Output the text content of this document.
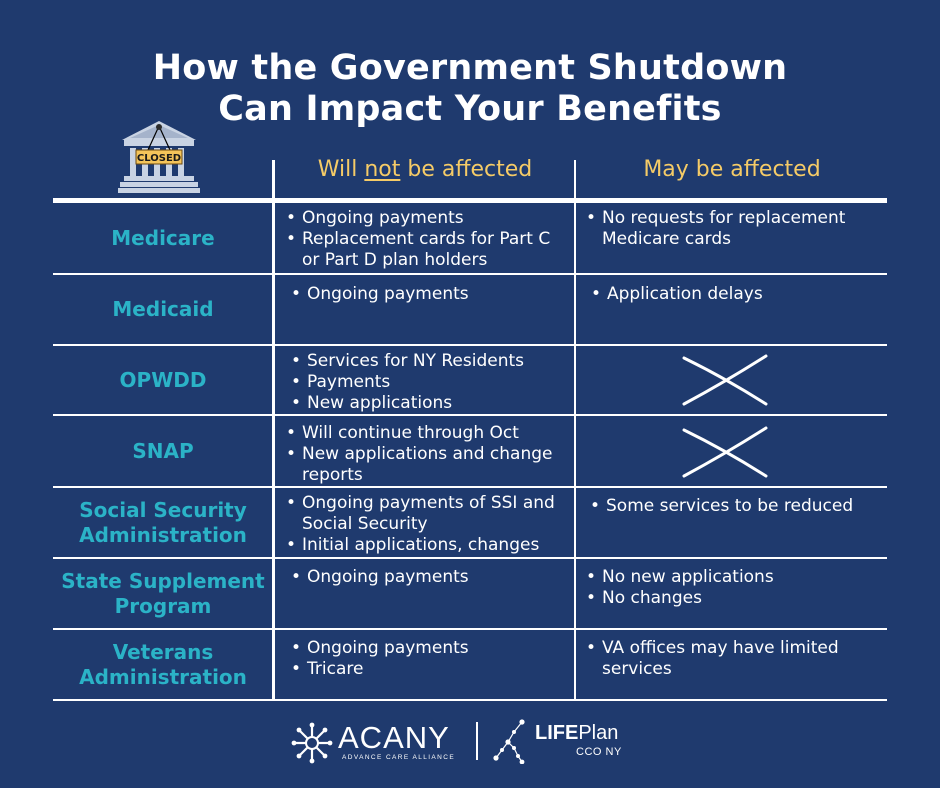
How the Government Shutdown
Can Impact Your Benefits
CLOSED	Will not be affected	May be affected
Medicare
Medicaid
OPWDD
SNAP
Social Security Administration
State Supplement Program
Veterans Administration
• Ongoing payments
• Replacement cards for Part C or Part D plan holders
• Ongoing payments
• Services for NY Residents
• Payments
• New applications
• Will continue through Oct
• New applications and change reports
• Ongoing payments of SSI and Social Security
• Initial applications, changes
• Ongoing payments
• Ongoing payments
• Tricare
• No requests for replacement Medicare cards
• Application delays
• Some services to be reduced
• No new applications
• No changes
• VA offices may have limited services
ACANY
ADVANCE CARE ALLIANCE
LIFEPlan
CCO NY
